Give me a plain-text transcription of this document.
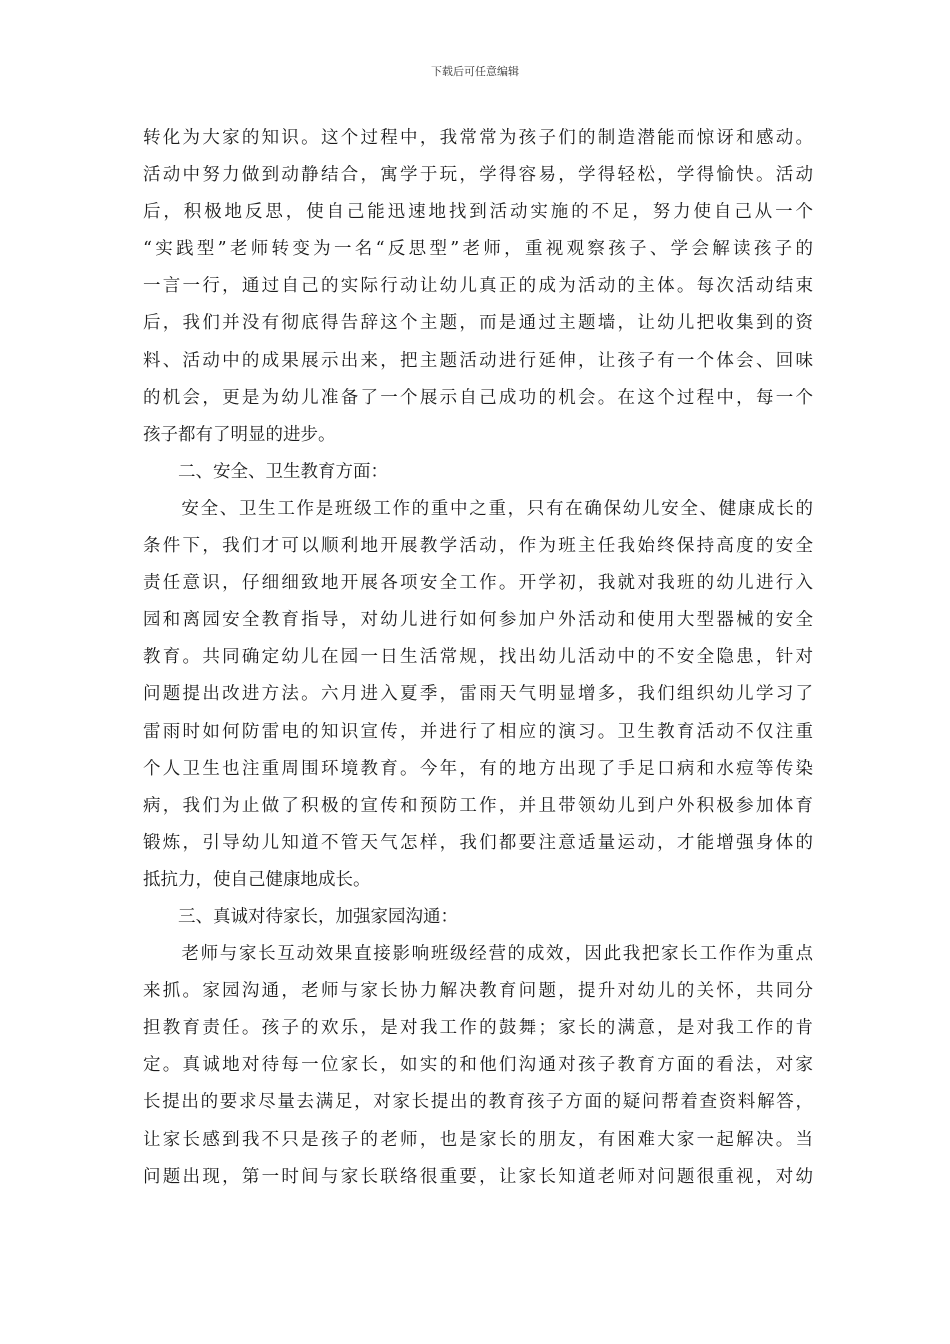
下载后可任意编辑
转化为大家的知识。这个过程中，我常常为孩子们的制造潜能而惊讶和感动。
活动中努力做到动静结合，寓学于玩，学得容易，学得轻松，学得愉快。活动
后，积极地反思，使自己能迅速地找到活动实施的不足，努力使自己从一个
“实践型”老师转变为一名“反思型”老师，重视观察孩子、学会解读孩子的
一言一行，通过自己的实际行动让幼儿真正的成为活动的主体。每次活动结束
后，我们并没有彻底得告辞这个主题，而是通过主题墙，让幼儿把收集到的资
料、活动中的成果展示出来，把主题活动进行延伸，让孩子有一个体会、回味
的机会，更是为幼儿准备了一个展示自己成功的机会。在这个过程中，每一个
孩子都有了明显的进步。
　　二、安全、卫生教育方面：
　　安全、卫生工作是班级工作的重中之重，只有在确保幼儿安全、健康成长的
条件下，我们才可以顺利地开展教学活动，作为班主任我始终保持高度的安全
责任意识，仔细细致地开展各项安全工作。开学初，我就对我班的幼儿进行入
园和离园安全教育指导，对幼儿进行如何参加户外活动和使用大型器械的安全
教育。共同确定幼儿在园一日生活常规，找出幼儿活动中的不安全隐患，针对
问题提出改进方法。六月进入夏季，雷雨天气明显增多，我们组织幼儿学习了
雷雨时如何防雷电的知识宣传，并进行了相应的演习。卫生教育活动不仅注重
个人卫生也注重周围环境教育。今年，有的地方出现了手足口病和水痘等传染
病，我们为止做了积极的宣传和预防工作，并且带领幼儿到户外积极参加体育
锻炼，引导幼儿知道不管天气怎样，我们都要注意适量运动，才能增强身体的
抵抗力，使自己健康地成长。
　　三、真诚对待家长，加强家园沟通：
　　老师与家长互动效果直接影响班级经营的成效，因此我把家长工作作为重点
来抓。家园沟通，老师与家长协力解决教育问题，提升对幼儿的关怀，共同分
担教育责任。孩子的欢乐，是对我工作的鼓舞；家长的满意，是对我工作的肯
定。真诚地对待每一位家长，如实的和他们沟通对孩子教育方面的看法，对家
长提出的要求尽量去满足，对家长提出的教育孩子方面的疑问帮着查资料解答，
让家长感到我不只是孩子的老师，也是家长的朋友，有困难大家一起解决。当
问题出现，第一时间与家长联络很重要，让家长知道老师对问题很重视，对幼
